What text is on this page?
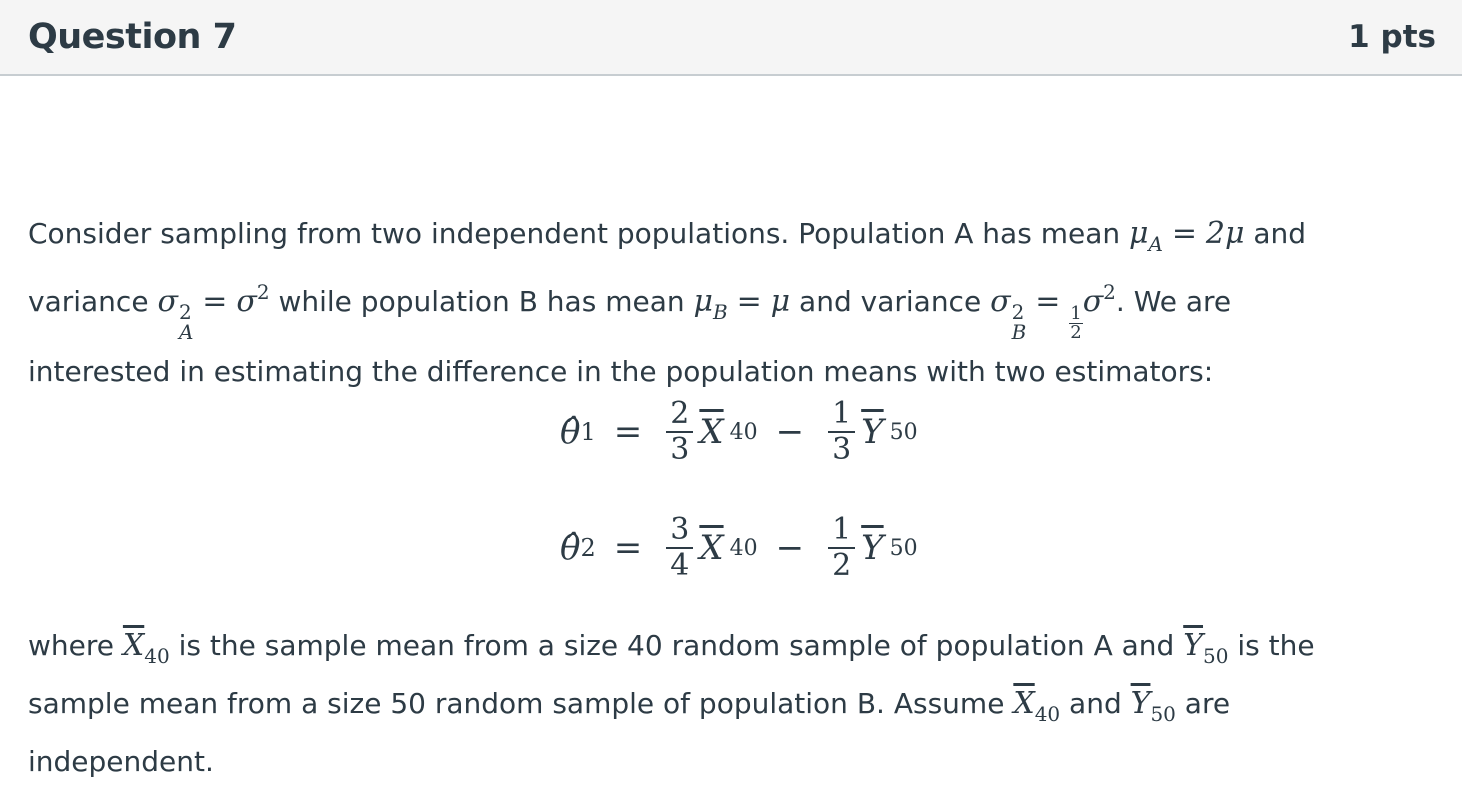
Question 7	1 pts

Consider sampling from two independent populations. Population A has mean $\mu_A = 2\mu$ and

variance σ 2
A
= $\sigma^2$ while population B has mean $\mu_B = \mu$ and variance σ 2
B
=
$\frac{1}{2}$
$\sigma^2$. We are

interested in estimating the difference in the population means with two estimators:

θ̂ $1 = \frac{2}{3} \overline{X}$ $40 - \frac{1}{3} \overline{Y}$ 50
θ̂ $2 = \frac{3}{4} \overline{X}$ $40 - \frac{1}{2} \overline{Y}$ 50
where $\overline{X}_{40}$ is the sample mean from a size 40 random sample of population A and $\overline{Y}_{50}$ is the
sample mean from a size 50 random sample of population B. Assume $\overline{X}_{40}$ and $\overline{Y}_{50}$ are
independent.
